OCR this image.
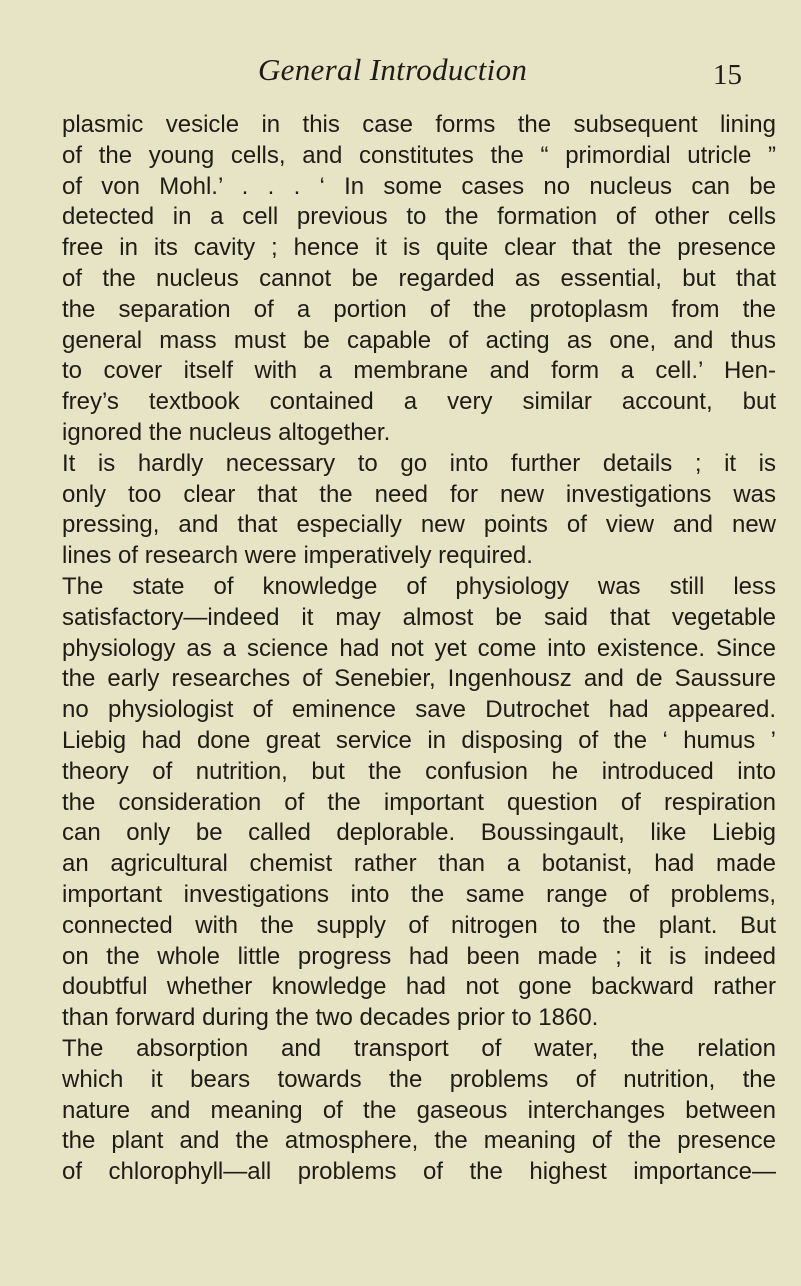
General Introduction	15
plasmic vesicle in this case forms the subsequent lining
of the young cells, and constitutes the “ primordial utricle ”
of von Mohl.’ . . . ‘ In some cases no nucleus can be
detected in a cell previous to the formation of other cells
free in its cavity ; hence it is quite clear that the presence
of the nucleus cannot be regarded as essential, but that
the separation of a portion of the protoplasm from the
general mass must be capable of acting as one, and thus
to cover itself with a membrane and form a cell.’ Hen-
frey’s textbook contained a very similar account, but
ignored the nucleus altogether.
It is hardly necessary to go into further details ; it is
only too clear that the need for new investigations was
pressing, and that especially new points of view and new
lines of research were imperatively required.
The state of knowledge of physiology was still less
satisfactory—indeed it may almost be said that vegetable
physiology as a science had not yet come into existence. Since
the early researches of Senebier, Ingenhousz and de Saussure
no physiologist of eminence save Dutrochet had appeared.
Liebig had done great service in disposing of the ‘ humus ’
theory of nutrition, but the confusion he introduced into
the consideration of the important question of respiration
can only be called deplorable. Boussingault, like Liebig
an agricultural chemist rather than a botanist, had made
important investigations into the same range of problems,
connected with the supply of nitrogen to the plant. But
on the whole little progress had been made ; it is indeed
doubtful whether knowledge had not gone backward rather
than forward during the two decades prior to 1860.
The absorption and transport of water, the relation
which it bears towards the problems of nutrition, the
nature and meaning of the gaseous interchanges between
the plant and the atmosphere, the meaning of the presence
of chlorophyll—all problems of the highest importance—
